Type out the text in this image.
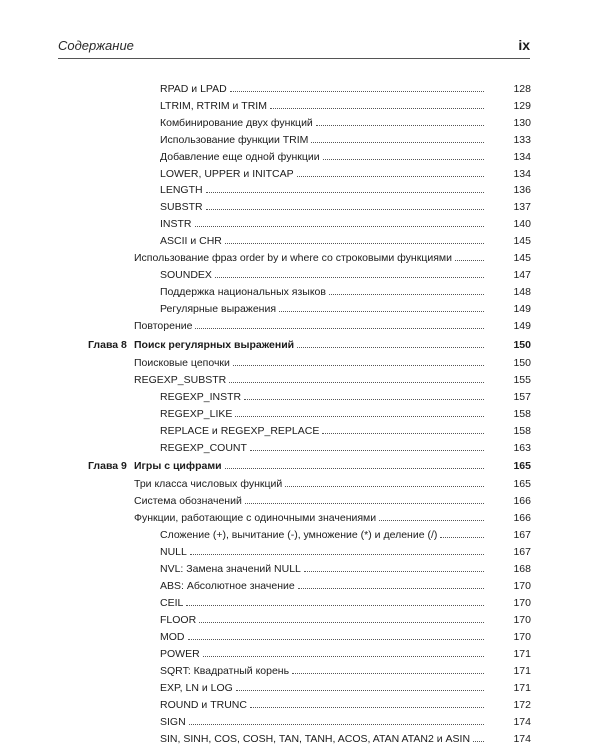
Содержание	ix
RPAD и LPAD	128
LTRIM, RTRIM и TRIM	129
Комбинирование двух функций	130
Использование функции TRIM	133
Добавление еще одной функции	134
LOWER, UPPER и INITCAP	134
LENGTH	136
SUBSTR	137
INSTR	140
ASCII и CHR	145
Использование фраз order by и where со строковыми функциями	145
SOUNDEX	147
Поддержка национальных языков	148
Регулярные выражения	149
Повторение	149
Глава 8 Поиск регулярных выражений	150
Поисковые цепочки	150
REGEXP_SUBSTR	155
REGEXP_INSTR	157
REGEXP_LIKE	158
REPLACE и REGEXP_REPLACE	158
REGEXP_COUNT	163
Глава 9 Игры с цифрами	165
Три класса числовых функций	165
Система обозначений	166
Функции, работающие с одиночными значениями	166
Сложение (+), вычитание (-), умножение (*) и деление (/)	167
NULL	167
NVL: Замена значений NULL	168
ABS: Абсолютное значение	170
CEIL	170
FLOOR	170
MOD	170
POWER	171
SQRT: Квадратный корень	171
EXP, LN и LOG	171
ROUND и TRUNC	172
SIGN	174
SIN, SINH, COS, COSH, TAN, TANH, ACOS, ATAN ATAN2 и ASIN	174
